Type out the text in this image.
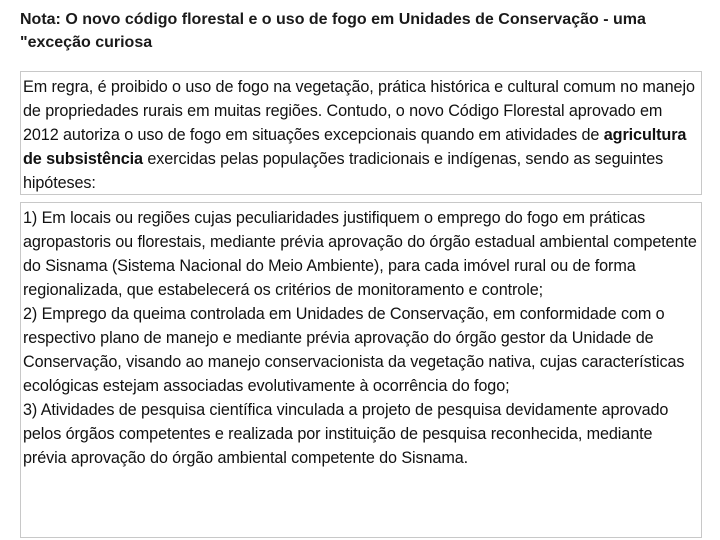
Nota: O novo código florestal e o uso de fogo em Unidades de Conservação - uma "exceção curiosa
Em regra, é proibido o uso de fogo na vegetação, prática histórica e cultural comum no manejo de propriedades rurais em muitas regiões. Contudo, o novo Código Florestal aprovado em 2012 autoriza o uso de fogo em situações excepcionais quando em atividades de agricultura de subsistência exercidas pelas populações tradicionais e indígenas, sendo as seguintes hipóteses:

1) Em locais ou regiões cujas peculiaridades justifiquem o emprego do fogo em práticas agropastoris ou florestais, mediante prévia aprovação do órgão estadual ambiental competente do Sisnama (Sistema Nacional do Meio Ambiente), para cada imóvel rural ou de forma regionalizada, que estabelecerá os critérios de monitoramento e controle;

2) Emprego da queima controlada em Unidades de Conservação, em conformidade com o respectivo plano de manejo e mediante prévia aprovação do órgão gestor da Unidade de Conservação, visando ao manejo conservacionista da vegetação nativa, cujas características ecológicas estejam associadas evolutivamente à ocorrência do fogo;

3) Atividades de pesquisa científica vinculada a projeto de pesquisa devidamente aprovado pelos órgãos competentes e realizada por instituição de pesquisa reconhecida, mediante prévia aprovação do órgão ambiental competente do Sisnama.
